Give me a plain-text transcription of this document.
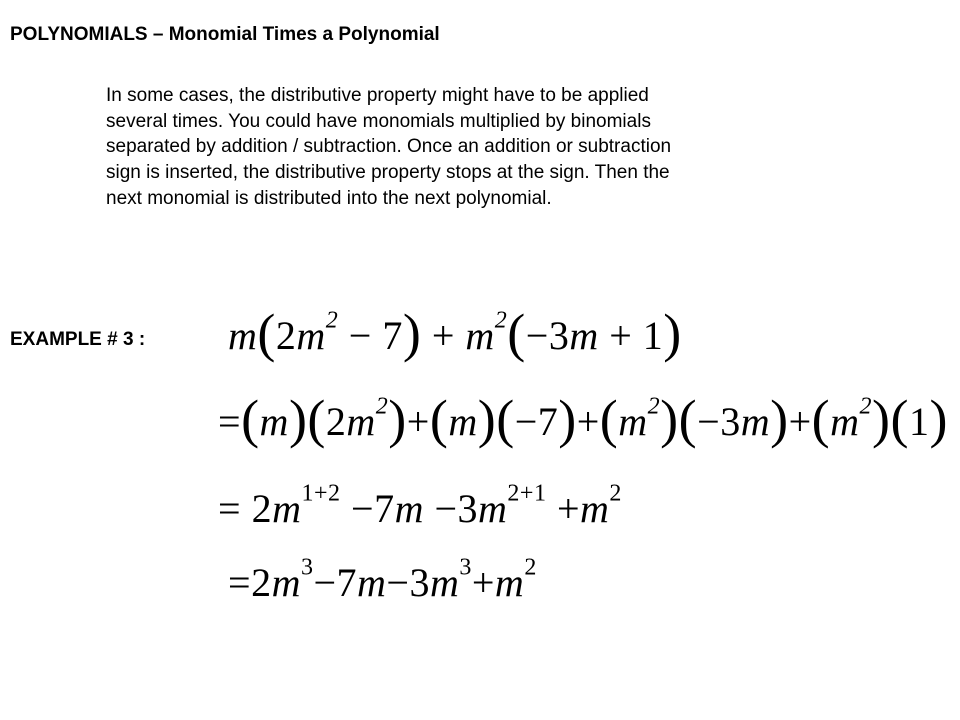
POLYNOMIALS – Monomial Times a Polynomial
In some cases, the distributive property might have to be applied
several times. You could have monomials multiplied by binomials
separated by addition / subtraction. Once an addition or subtraction
sign is inserted, the distributive property stops at the sign. Then the
next monomial is distributed into the next polynomial.
EXAMPLE # 3 : $m(2m^2 - 7) + m^2(-3m + 1)$
$=(m)(2m^2)+(m)(-7)+(m^2)(-3m)+(m^2)(1)$
= $2m^{1+2} -7m -3m^{2+1} +m^2$
$=2m^3-7m-3m^3+m^2$
